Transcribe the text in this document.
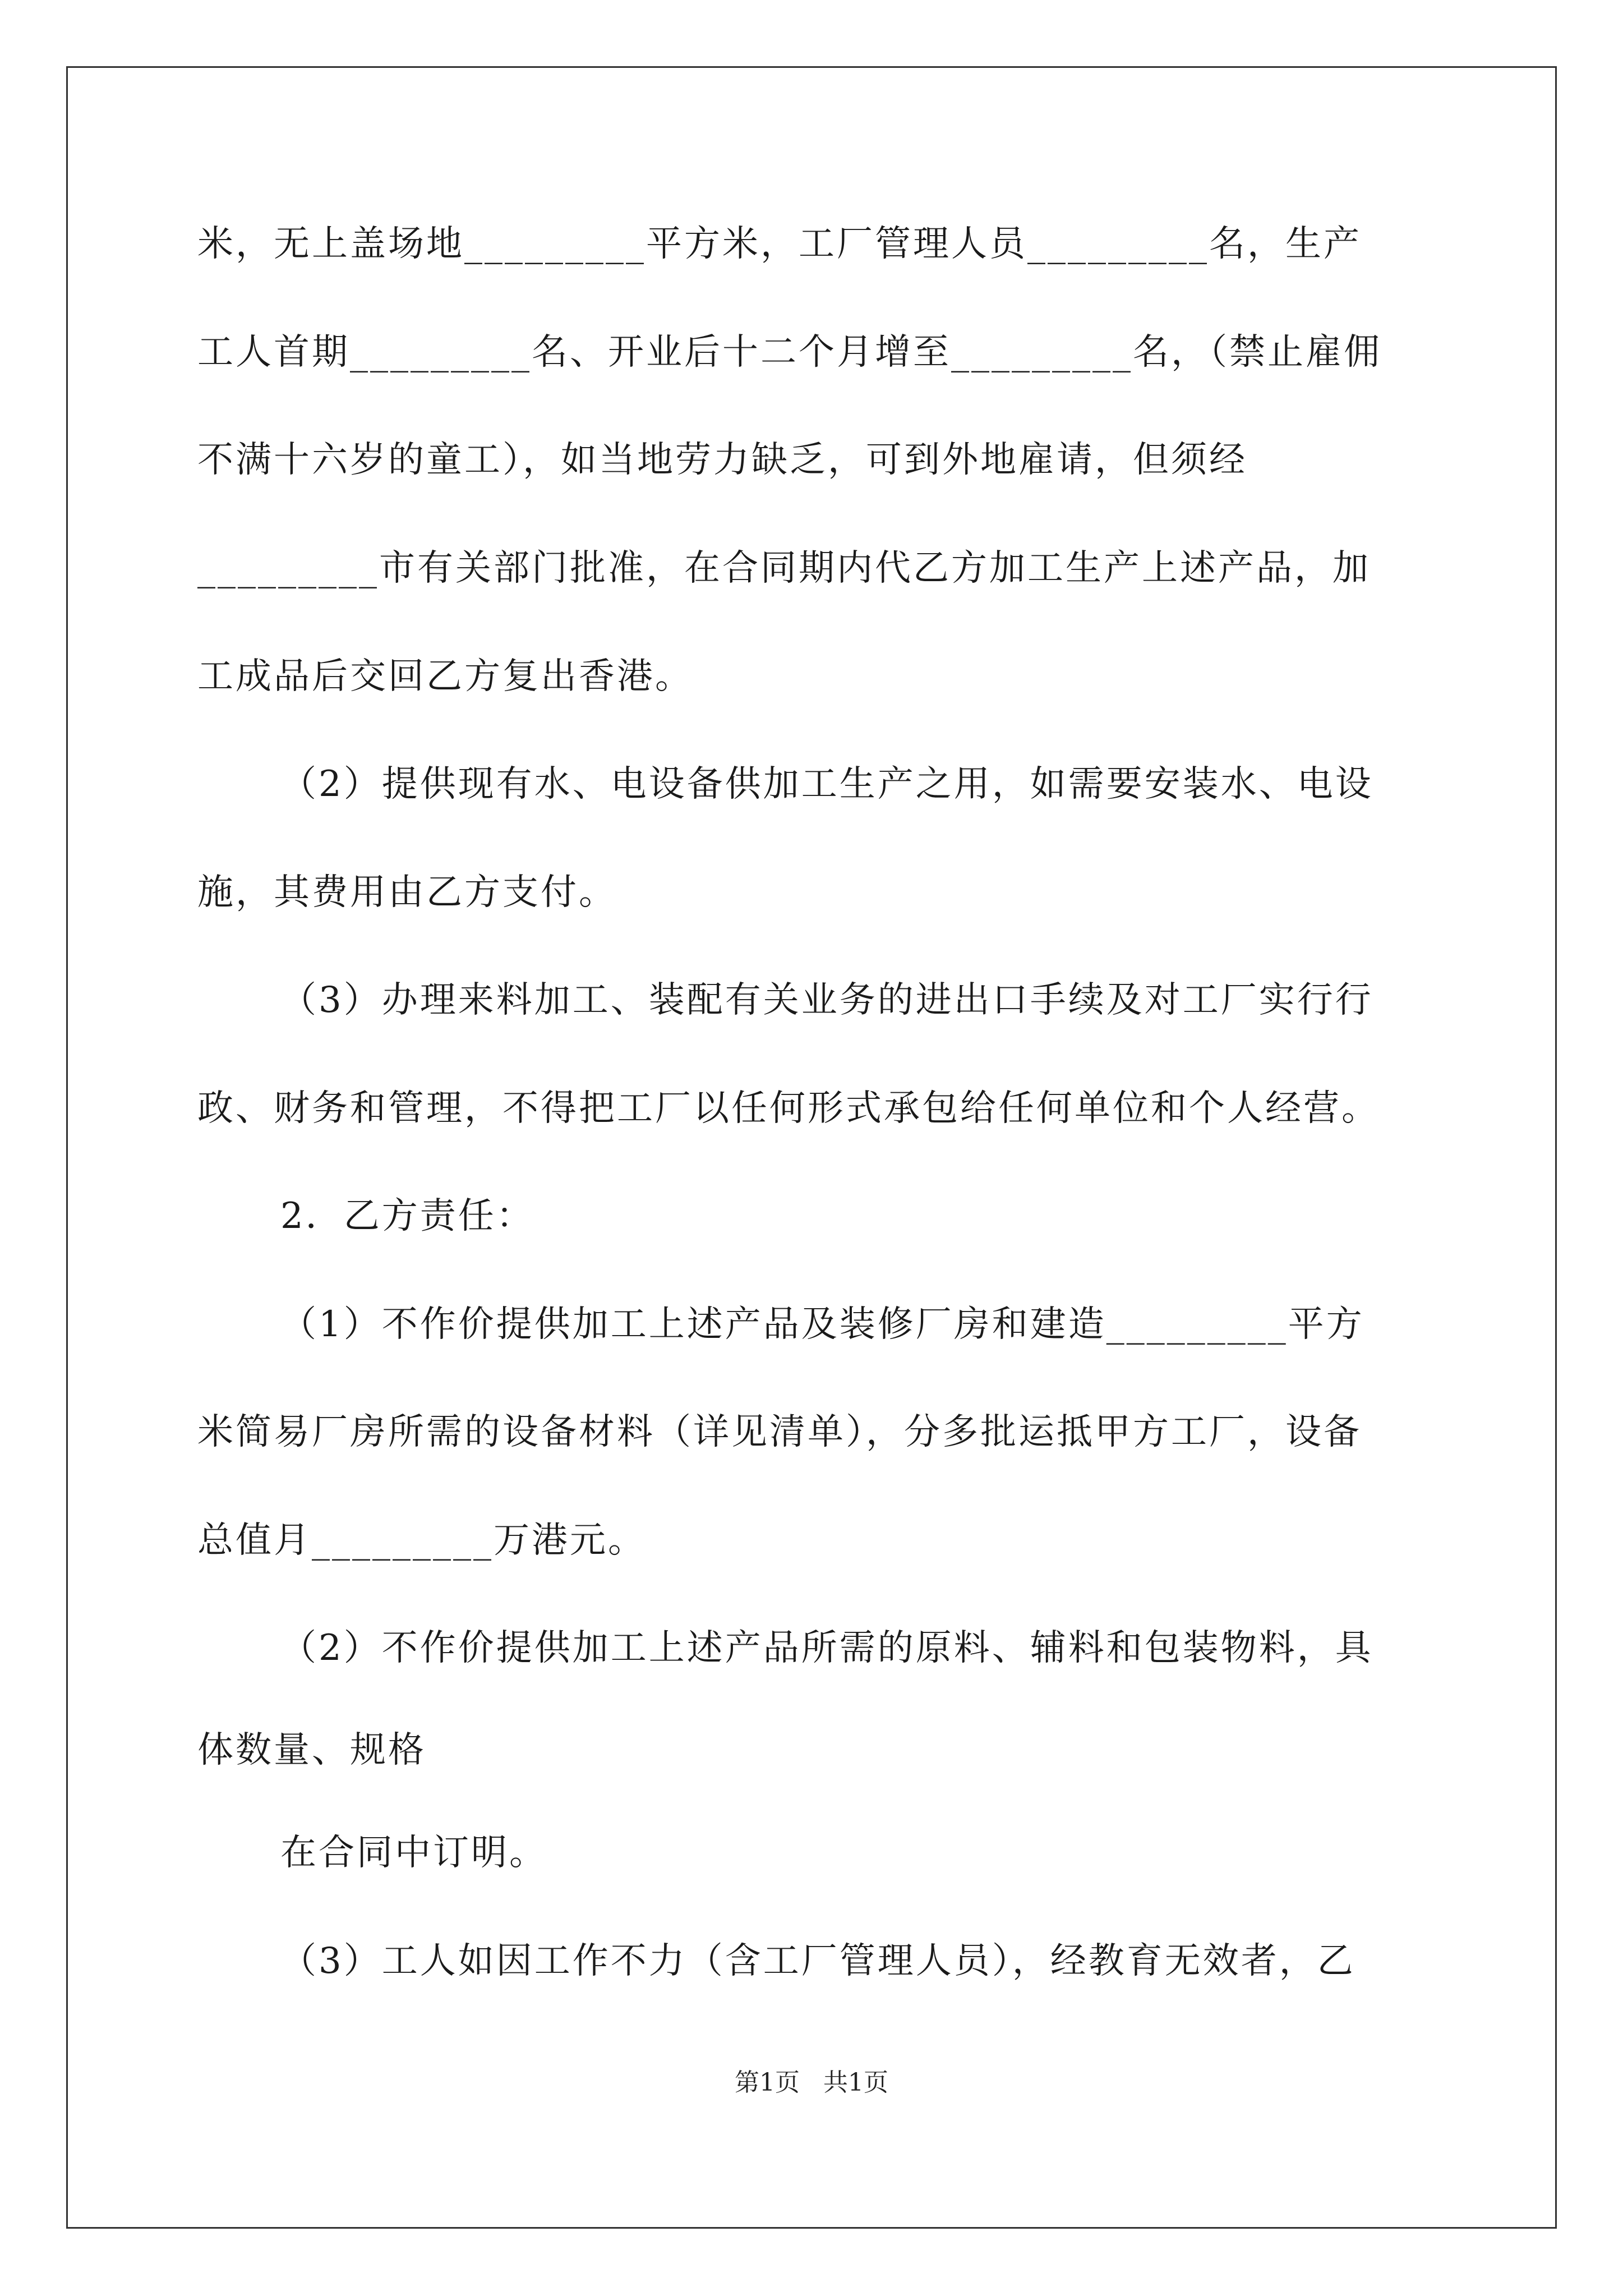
米，无上盖场地_________平方米，工厂管理人员_________名，生产
工人首期_________名、开业后十二个月增至_________名，（禁止雇佣
不满十六岁的童工），如当地劳力缺乏，可到外地雇请，但须经
_________市有关部门批准，在合同期内代乙方加工生产上述产品，加
工成品后交回乙方复出香港。
（2）提供现有水、电设备供加工生产之用，如需要安装水、电设
施，其费用由乙方支付。
（3）办理来料加工、装配有关业务的进出口手续及对工厂实行行
政、财务和管理，不得把工厂以任何形式承包给任何单位和个人经营。
2．乙方责任：
（1）不作价提供加工上述产品及装修厂房和建造_________平方
米简易厂房所需的设备材料（详见清单），分多批运抵甲方工厂，设备
总值月_________万港元。
（2）不作价提供加工上述产品所需的原料、辅料和包装物料，具
体数量、规格
在合同中订明。
（3）工人如因工作不力（含工厂管理人员），经教育无效者，乙
第1页 共1页
